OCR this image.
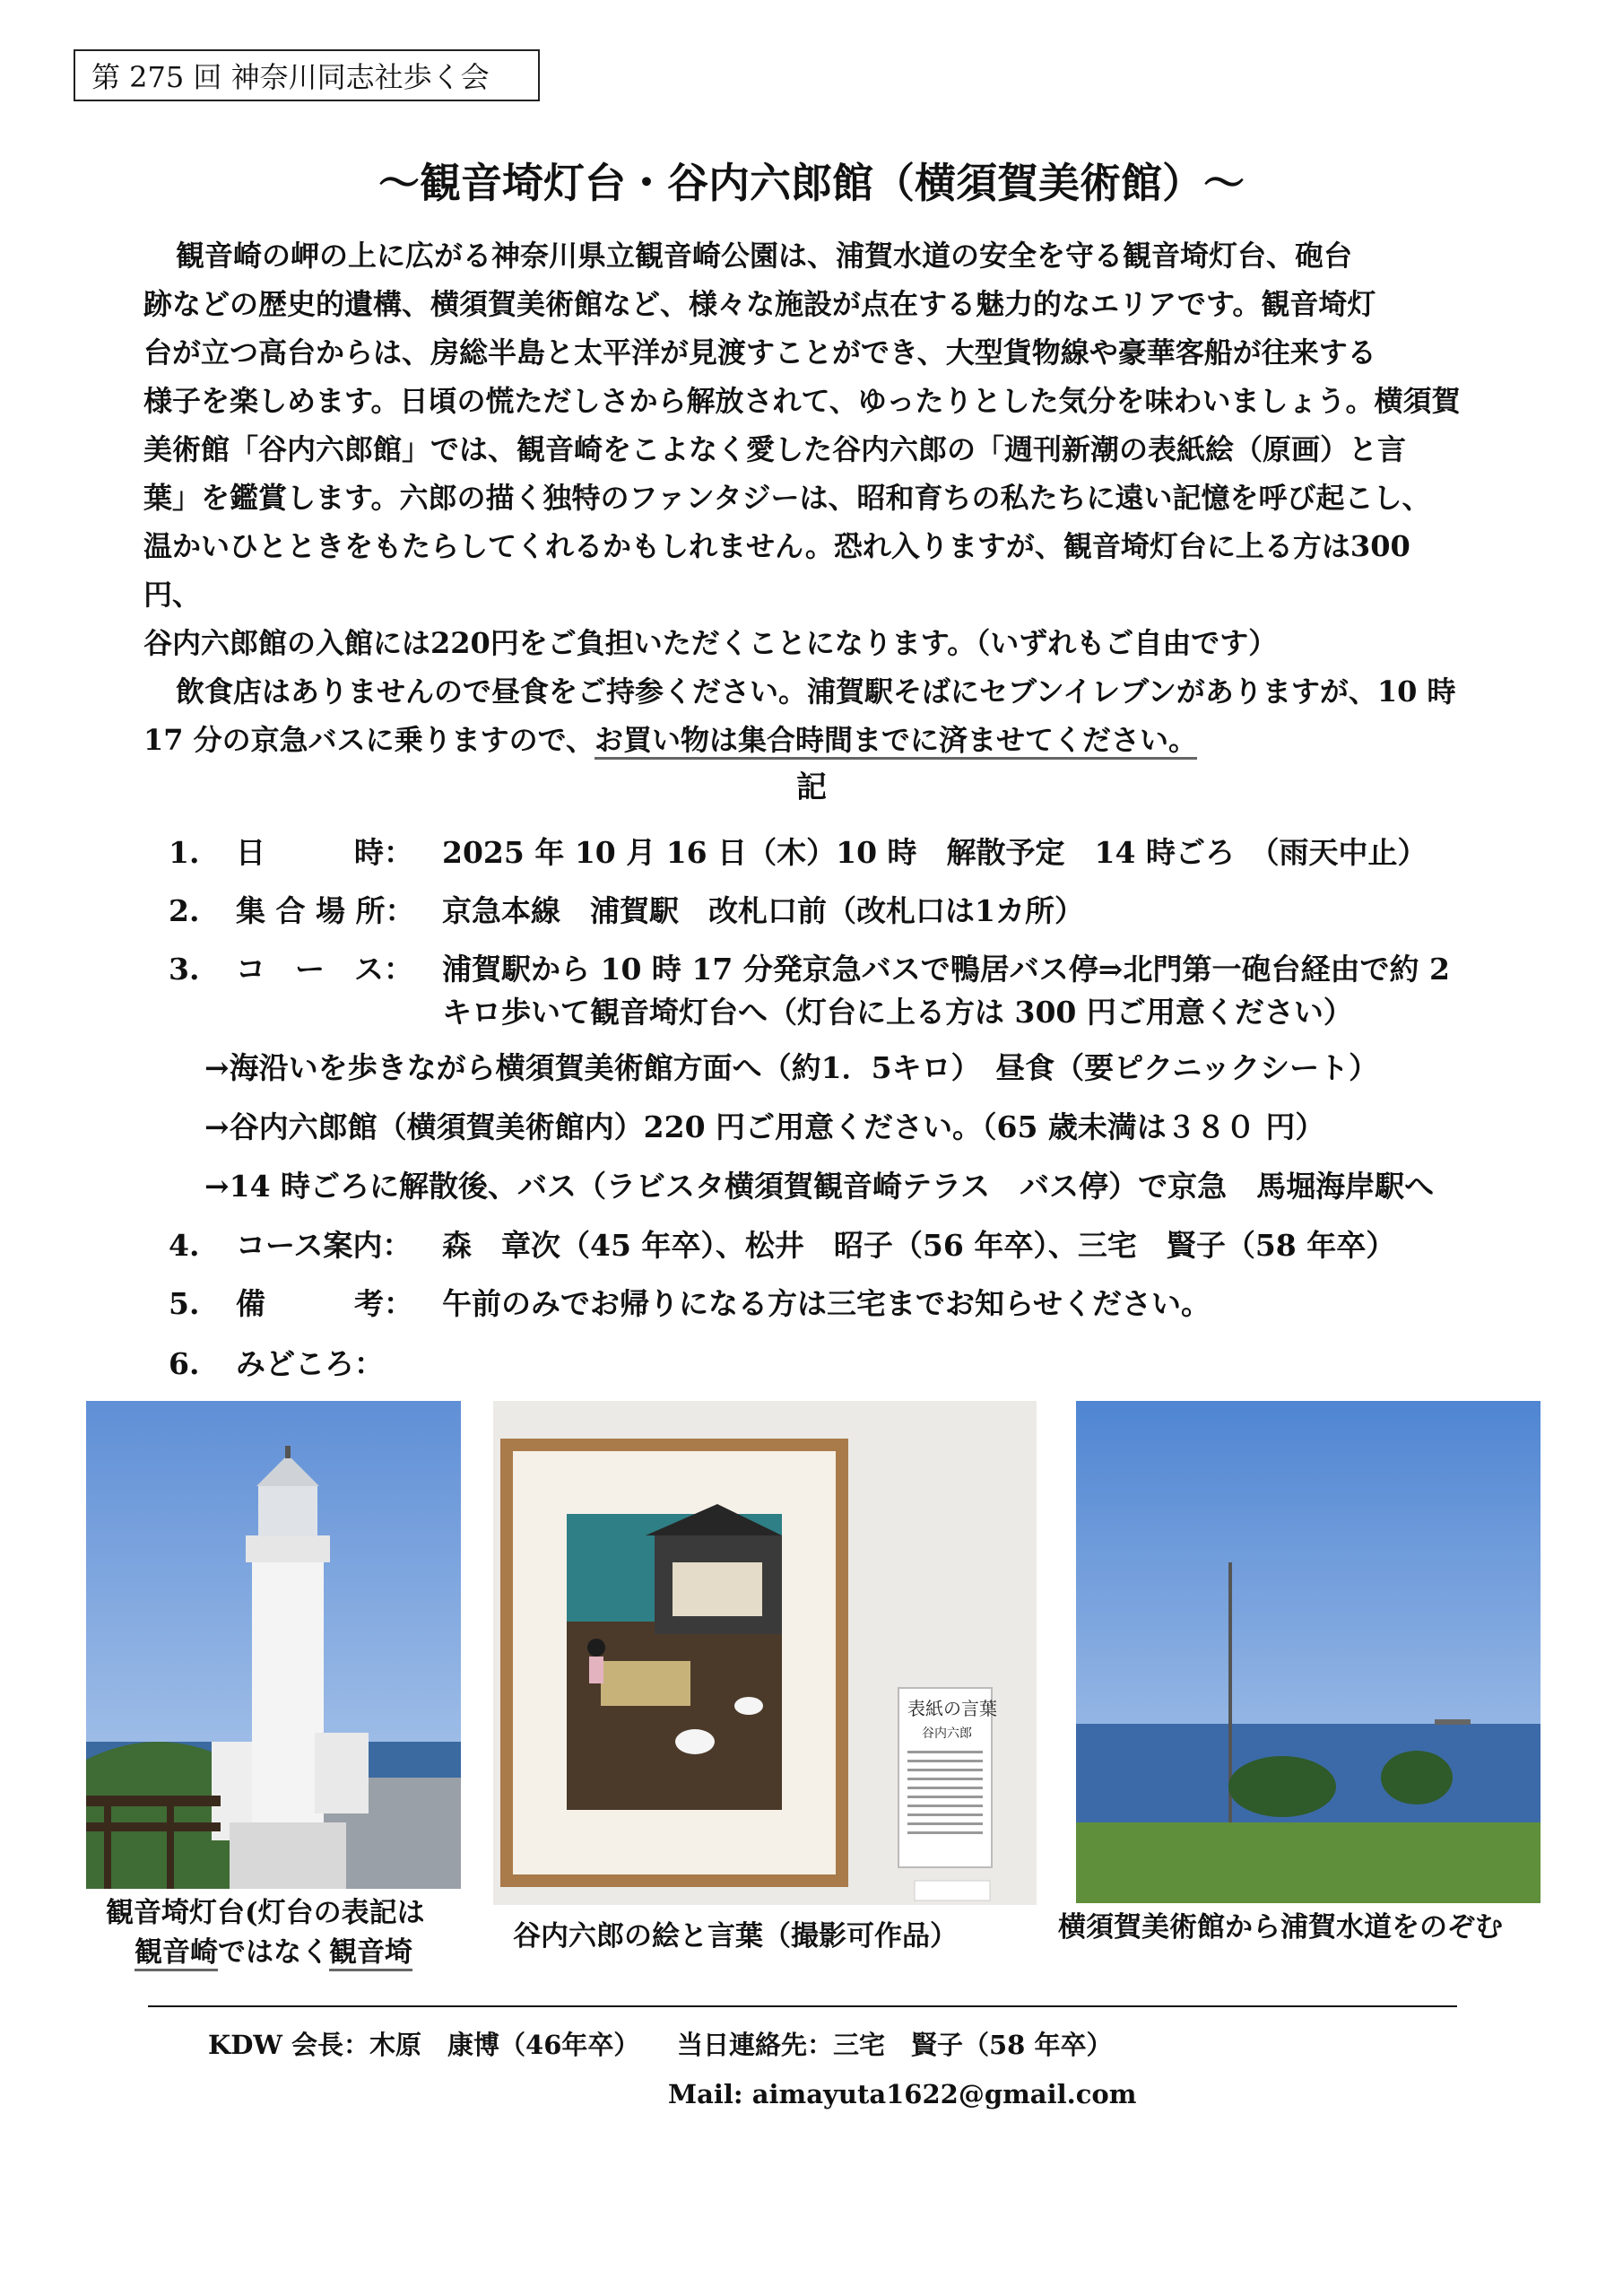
第 275 回 神奈川同志社歩く会
～観音埼灯台・谷内六郎館（横須賀美術館）～

観音崎の岬の上に広がる神奈川県立観音崎公園は、浦賀水道の安全を守る観音埼灯台、砲台

跡などの歴史的遺構、横須賀美術館など、様々な施設が点在する魅力的なエリアです。観音埼灯

台が立つ高台からは、房総半島と太平洋が見渡すことができ、大型貨物線や豪華客船が往来する

様子を楽しめます。日頃の慌ただしさから解放されて、ゆったりとした気分を味わいましょう。横須賀

美術館「谷内六郎館」では、観音崎をこよなく愛した谷内六郎の「週刊新潮の表紙絵（原画）と言

葉」を鑑賞します。六郎の描く独特のファンタジーは、昭和育ちの私たちに遠い記憶を呼び起こし、

温かいひとときをもたらしてくれるかもしれません。恐れ入りますが、観音埼灯台に上る方は300円、

谷内六郎館の入館には220円をご負担いただくことになります。（いずれもご自由です）

飲食店はありませんので昼食をご持参ください。浦賀駅そばにセブンイレブンがありますが、10 時

17 分の京急バスに乗りますので、お買い物は集合時間までに済ませてください。

記
1. 日　　　時： 2025 年 10 月 16 日（木）10 時　解散予定　14 時ごろ　（雨天中止）
2. 集 合 場 所： 京急本線　浦賀駅　改札口前（改札口は1カ所）
3. コ　ー　ス： 浦賀駅から 10 時 17 分発京急バスで鴨居バス停⇒北門第一砲台経由で約 2
キロ歩いて観音埼灯台へ（灯台に上る方は 300 円ご用意ください）
→海沿いを歩きながら横須賀美術館方面へ（約1．5キロ）　昼食（要ピクニックシート）
→谷内六郎館（横須賀美術館内）220 円ご用意ください。（65 歳未満は３８０ 円）
→14 時ごろに解散後、バス（ラビスタ横須賀観音崎テラス　バス停）で京急　馬堀海岸駅へ
4. コース案内： 森　章次（45 年卒）、松井　昭子（56 年卒）、三宅　賢子（58 年卒）
5. 備　　　考： 午前のみでお帰りになる方は三宅までお知らせください。
6. みどころ：
表紙の言葉
谷内六郎
観音埼灯台(灯台の表記は
観音崎ではなく観音埼	谷内六郎の絵と言葉（撮影可作品）	横須賀美術館から浦賀水道をのぞむ
KDW 会長：木原　康博（46年卒） 当日連絡先：三宅　賢子（58 年卒）
Mail: aimayuta1622@gmail.com
